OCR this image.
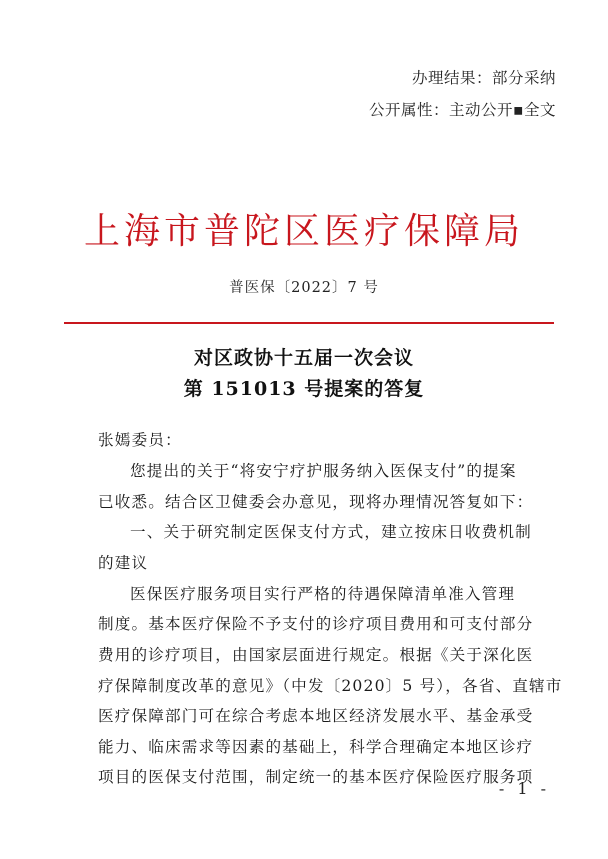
办理结果：部分采纳
公开属性：主动公开▪全文
上海市普陀区医疗保障局
普医保〔2022〕7 号
对区政协十五届一次会议
第 151013 号提案的答复
张嫣委员：
您提出的关于“将安宁疗护服务纳入医保支付”的提案
已收悉。结合区卫健委会办意见，现将办理情况答复如下：
一、关于研究制定医保支付方式，建立按床日收费机制
的建议
医保医疗服务项目实行严格的待遇保障清单准入管理
制度。基本医疗保险不予支付的诊疗项目费用和可支付部分
费用的诊疗项目，由国家层面进行规定。根据《关于深化医
疗保障制度改革的意见》（中发〔2020〕5 号），各省、直辖市
医疗保障部门可在综合考虑本地区经济发展水平、基金承受
能力、临床需求等因素的基础上，科学合理确定本地区诊疗
项目的医保支付范围，制定统一的基本医疗保险医疗服务项
- 1 -
